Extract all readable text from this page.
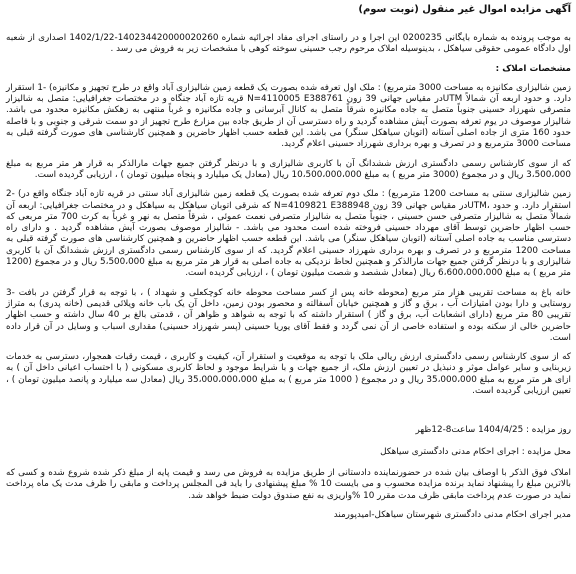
آگهی مزایده اموال غیر منقول (نوبت سوم)

به موجب پرونده به شماره بایگانی 0200235 این اجرا و در راستای اجرای مفاد اجرائیه شماره 140234420000020260-1402/1/22 اصداری از شعبه اول دادگاه عمومی حقوقی سیاهکل ، بدینوسیله املاک مرحوم رجب حسینی سوخته کوهی با مشخصات زیر به فروش می رسد .

مشخصات املاک :

زمین شالیزاری مکانیزه به مساحت 3000 مترمربع) : ملک اول تعرفه شده بصورت یک قطعه زمین شالیزاری آباد واقع در طرح تجهیز و مکانیزه) -1 استقرار دارد. و حدود اربعه آن شمالاً UTMدر مقیاس جهانی 39 زون N=4110005 E388761 قریه تازه آباد جنگاه و در مختصات جغرافیایی: متصل به شالیزار متصرفی شهرزاد حسینی جنوباً متصل به جاده مکانیزه شرقاً متصل به کانال آبرسانی و جاده مکانیزه و غرباً منتهی به زهکش مکانیزه محدود می باشد. شالیزار موصوف در یوم تعرفه بصورت آیش مشاهده گردید و راه دسترسی آن از طریق جاده بین مزارع طرح تجهیز از دو سمت شرقی و جنوبی و با فاصله حدود 160 متری از جاده اصلی آستانه (اتوبان سیاهکل سنگر) می باشد. این قطعه حسب اظهار حاضرین و همچنین کارشناسی های صورت گرفته قبلی به مساحت 3000 مترمربع و در تصرف و بهره برداری شهرزاد حسینی اعلام گردید.

که از سوی کارشناس رسمی دادگستری ارزش ششدانگ آن با کاربری شالیزاری و با درنظر گرفتن جمیع جهات مارالذکر به قرار هر متر مربع به مبلغ 3،500،000 ریال و در مجموع (3000 متر مربع ) به مبلغ 10،500،000،000 ریال (معادل یک میلیارد و پنجاه میلیون تومان ) ، ارزیابی گردیده است.

زمین شالیزاری سنتی به مساحت 1200 مترمربع) : ملک دوم تعرفه شده بصورت یک قطعه زمین شالیزاری آباد سنتی در قریه تازه آباد جنگاه واقع در) -2 استقرار دارد. و حدود ،UTMدر مقیاس جهانی 39 زون N=4109821 E388948 که شرقی اتوبان سیاهکل به سیاهکل و در مختصات جغرافیایی: اربعه آن شمالاً متصل به شالیزار متصرفی حسن حسینی ، جنوباً متصل به شالیزار متصرفی نعمت عموئی ، شرقاً متصل به نهر و غرباً به کرت 700 متر مربعی که حسب اظهار حاضرین توسط آقای مهرداد حسینی فروخته شده است محدود می باشد. - شالیزار موصوف بصورت آیش مشاهده گردید . و دارای راه دسترسی مناسب به جاده اصلی آستانه (اتوبان سیاهکل سنگر) می باشد. این قطعه حسب اظهار حاضرین و همچنین کارشناسی های صورت گرفته قبلی به مساحت 1200 مترمربع و در تصرف و بهره برداری شهرزاد حسینی اعلام گردید. که از سوی کارشناس رسمی دادگستری ارزش ششدانگ آن با کاربری شالیزاری و با درنظر گرفتن جمیع جهات مارالذکر و همچنین لحاظ نزدیکی به جاده اصلی به قرار هر متر مربع به مبلغ 5،500،000 ریال و در مجموع (1200 متر مربع ) به مبلغ 6،600،000،000 ریال (معادل ششصد و شصت میلیون تومان ) ، ارزیابی گردیده است.

خانه باغ به مساحت تقریبی هزار متر مربع (محوطه خانه پس از کسر مساحت محوطه خانه کوچکعلی و شهداد ) ، با توجه به قرار گرفتن در بافت -3 روستایی و دارا بودن امتیازات آب ، برق و گاز و همچنین خیابان آسفالته و محصور بودن زمین، داخل آن یک باب خانه ویلائی قدیمی (خانه پدری) به متراژ تقریبی 80 متر مربع (دارای انشعابات آب، برق و گاز ) استقرار داشته که با توجه به شواهد و ظواهر آن ، قدمتی بالغ بر 40 سال داشته و حسب اظهار حاضرین خالی از سکنه بوده و استفاده خاصی از آن نمی گردد و فقط آقای یوریا حسینی (پسر شهرزاد حسینی) مقداری اسباب و وسایل در آن قرار داده است.

که از سوی کارشناس رسمی دادگستری ارزش ریالی ملک با توجه به موقعیت و استقرار آن، کیفیت و کاربری ، قیمت رقبات همجوار، دسترسی به خدمات زیربنایی و سایر عوامل موثر و دنبذیل در تعیین ارزش ملک، از جمیع جهات و با شرایط موجود و لحاظ کاربری مسکونی ( با احتساب اعیانی داخل آن ) به ازای هر متر مربع به مبلغ 35،000،000 ریال و در مجموع ( 1000 متر مربع ) به مبلغ 35،000،000،000 ریال (معادل سه میلیارد و پانصد میلیون تومان ) ، تعیین ارزیابی گردیده است.

روز مزایده : 1404/4/25 ساعت8-12ظهر

محل مزایده : اجرای احکام مدنی دادگستری سیاهکل

املاک فوق الذکر با اوصاف بیان شده در حضورنماینده دادستانی از طریق مزایده به فروش می رسد و قیمت پایه از مبلغ ذکر شده شروع شده و کسی که بالاترین مبلغ را پیشنهاد نماید برنده مزایده محسوب و می بایست 10 % مبلغ پیشنهادی را باید فی المجلس پرداخت و مابقی را ظرف مدت یک ماه پرداخت نماید در صورت عدم پرداخت مابقی ظرف مدت مقرر 10 %واریزی به نفع صندوق دولت ضبط خواهد شد.

مدیر اجرای احکام مدنی دادگستری شهرستان سیاهکل-امیدپورمند
